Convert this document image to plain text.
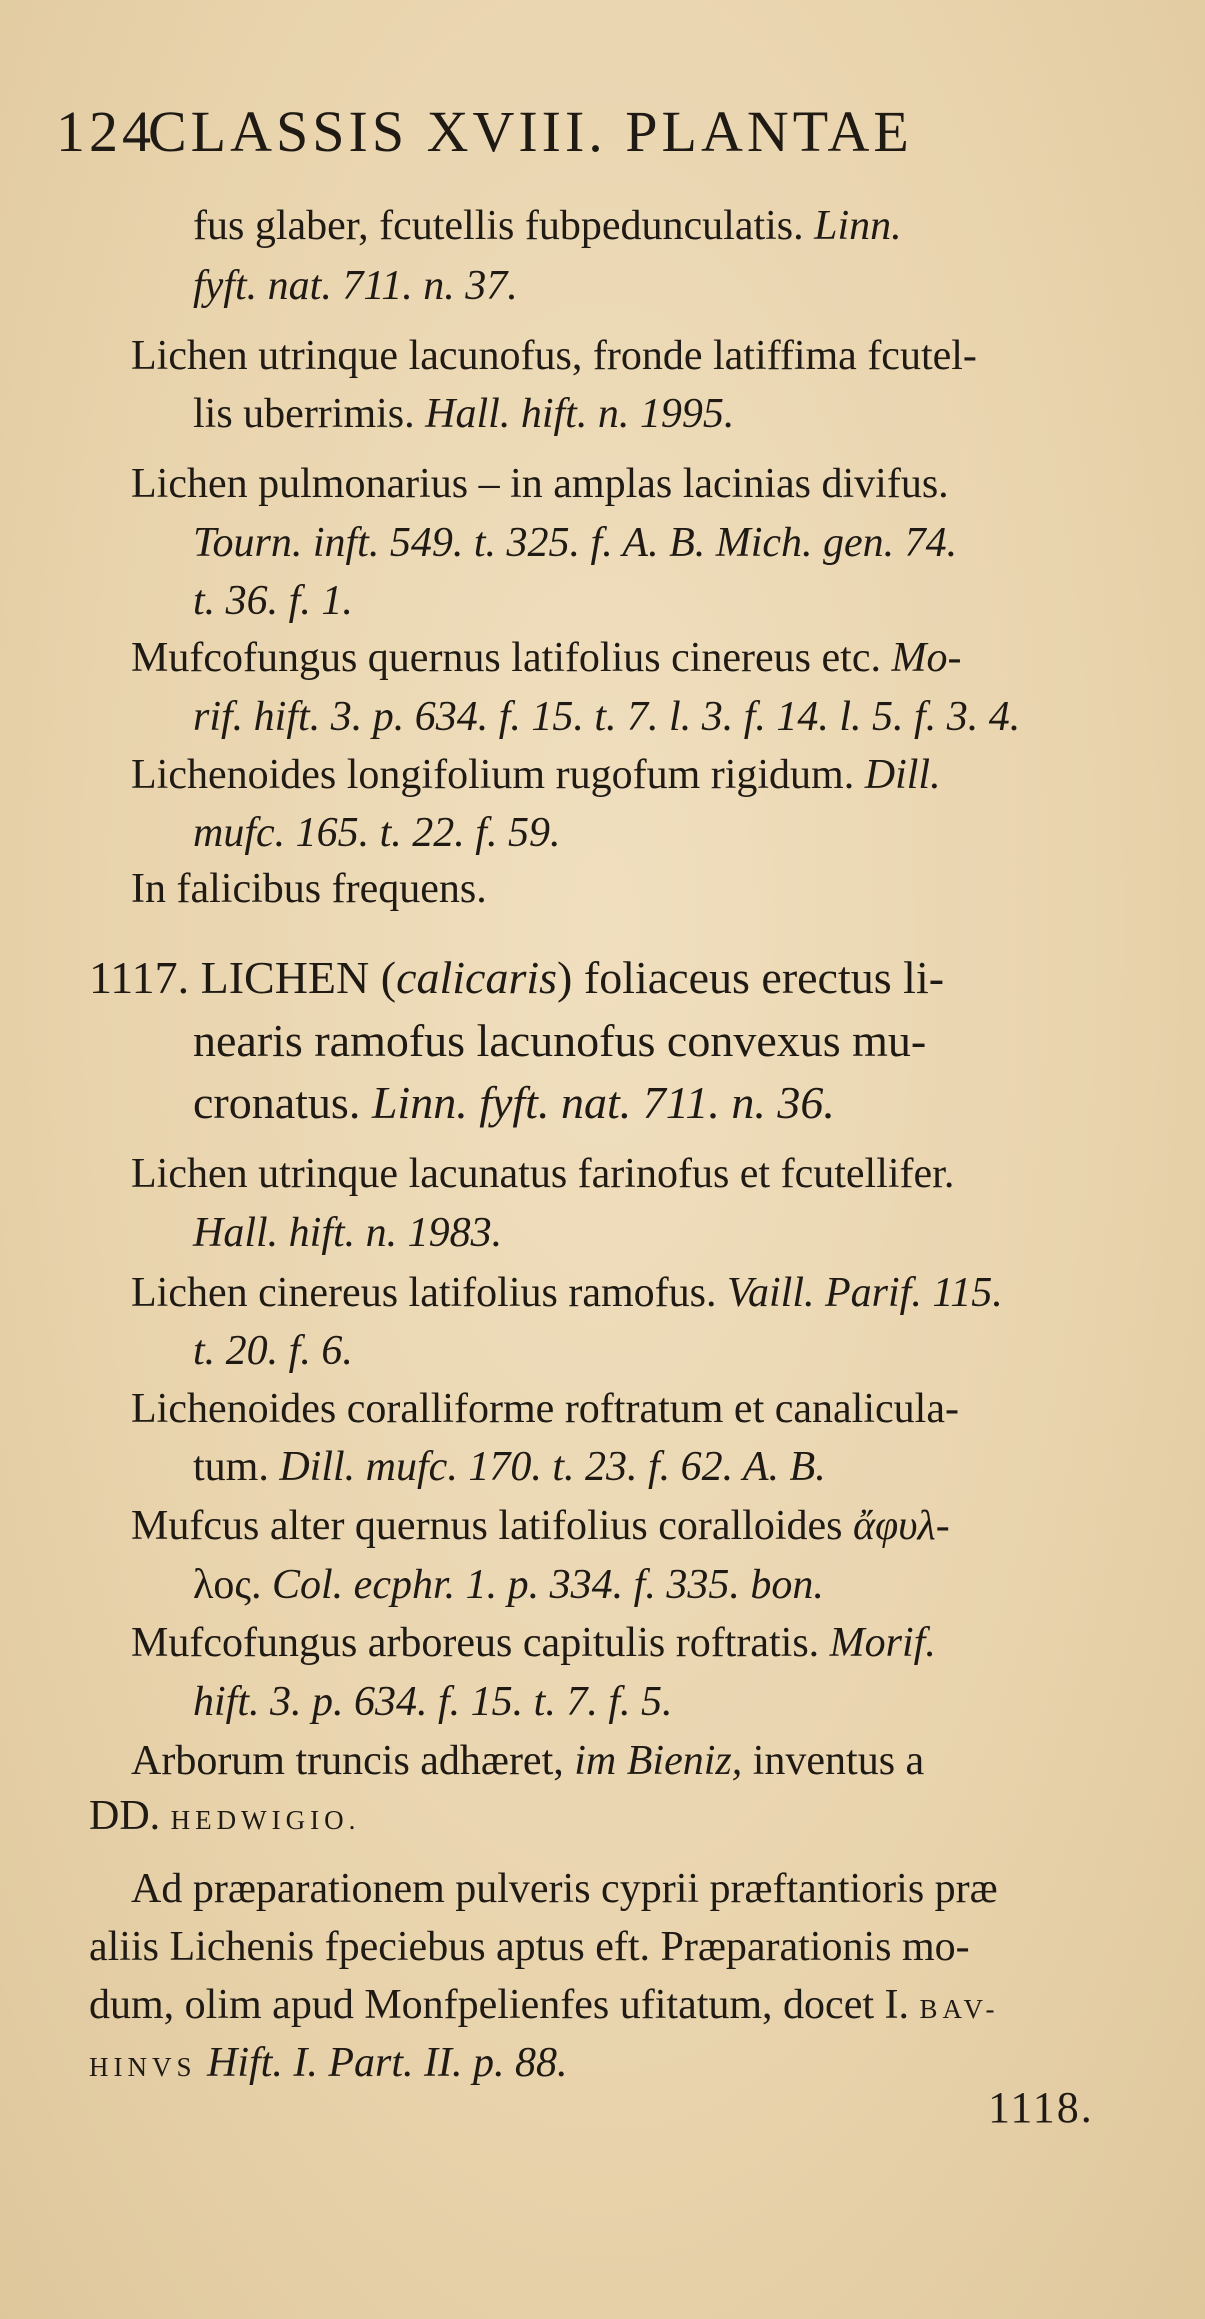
124CLASSIS XVIII. PLANTAE
fus glaber, fcutellis fubpedunculatis. Linn.
fyft. nat. 711. n. 37.
Lichen utrinque lacunofus, fronde latiffima fcutel-
lis uberrimis. Hall. hift. n. 1995.
Lichen pulmonarius – in amplas lacinias divifus.
Tourn. inft. 549. t. 325. f. A. B. Mich. gen. 74.
t. 36. f. 1.
Mufcofungus quernus latifolius cinereus etc. Mo-
rif. hift. 3. p. 634. f. 15. t. 7. l. 3. f. 14. l. 5. f. 3. 4.
Lichenoides longifolium rugofum rigidum. Dill.
mufc. 165. t. 22. f. 59.
In falicibus frequens.
1117. LICHEN (calicaris) foliaceus erectus li-
nearis ramofus lacunofus convexus mu-
cronatus. Linn. fyft. nat. 711. n. 36.
Lichen utrinque lacunatus farinofus et fcutellifer.
Hall. hift. n. 1983.
Lichen cinereus latifolius ramofus. Vaill. Parif. 115.
t. 20. f. 6.
Lichenoides coralliforme roftratum et canalicula-
tum. Dill. mufc. 170. t. 23. f. 62. A. B.
Mufcus alter quernus latifolius coralloides ἄφυλ-
λος. Col. ecphr. 1. p. 334. f. 335. bon.
Mufcofungus arboreus capitulis roftratis. Morif.
hift. 3. p. 634. f. 15. t. 7. f. 5.
Arborum truncis adhæret, im Bieniz, inventus a
DD. HEDWIGIO.
Ad præparationem pulveris cyprii præftantioris præ
aliis Lichenis fpeciebus aptus eft. Præparationis mo-
dum, olim apud Monfpelienfes ufitatum, docet I. BAV-
HINVS Hift. I. Part. II. p. 88.
1118.
